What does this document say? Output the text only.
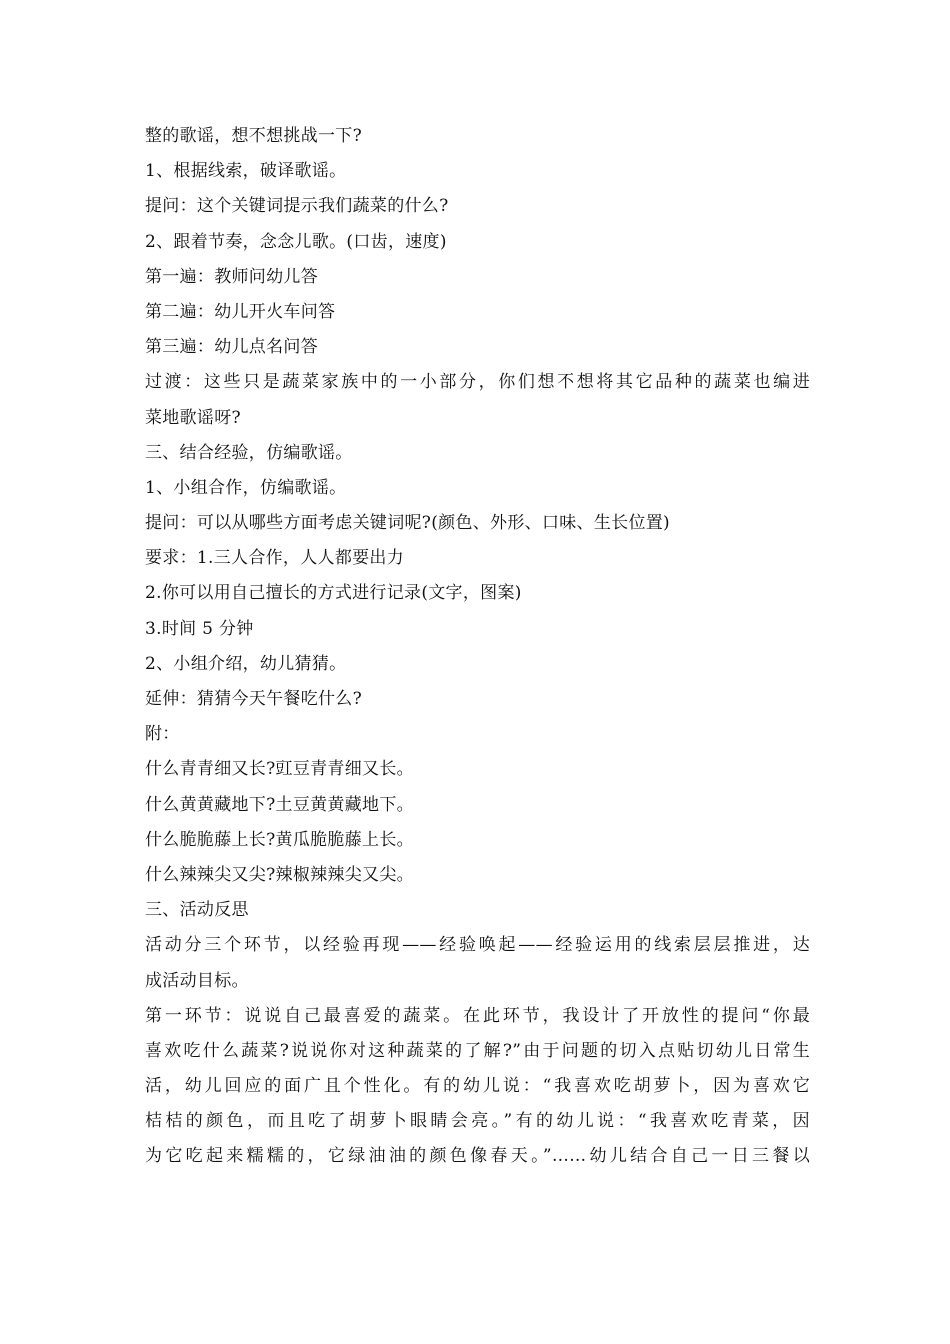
整的歌谣，想不想挑战一下?
1、根据线索，破译歌谣。
提问：这个关键词提示我们蔬菜的什么?
2、跟着节奏，念念儿歌。(口齿，速度)
第一遍：教师问幼儿答
第二遍：幼儿开火车问答
第三遍：幼儿点名问答
过渡：这些只是蔬菜家族中的一小部分，你们想不想将其它品种的蔬菜也编进
菜地歌谣呀?
三、结合经验，仿编歌谣。
1、小组合作，仿编歌谣。
提问：可以从哪些方面考虑关键词呢?(颜色、外形、口味、生长位置)
要求：1.三人合作，人人都要出力
2.你可以用自己擅长的方式进行记录(文字，图案)
3.时间 5 分钟
2、小组介绍，幼儿猜猜。
延伸：猜猜今天午餐吃什么?
附：
什么青青细又长?豇豆青青细又长。
什么黄黄藏地下?土豆黄黄藏地下。
什么脆脆藤上长?黄瓜脆脆藤上长。
什么辣辣尖又尖?辣椒辣辣尖又尖。
三、活动反思
活动分三个环节，以经验再现——经验唤起——经验运用的线索层层推进，达
成活动目标。
第一环节：说说自己最喜爱的蔬菜。在此环节，我设计了开放性的提问“你最
喜欢吃什么蔬菜?说说你对这种蔬菜的了解?”由于问题的切入点贴切幼儿日常生
活，幼儿回应的面广且个性化。有的幼儿说：“我喜欢吃胡萝卜，因为喜欢它
桔桔的颜色，而且吃了胡萝卜眼睛会亮。”有的幼儿说：“我喜欢吃青菜，因
为它吃起来糯糯的，它绿油油的颜色像春天。”……幼儿结合自己一日三餐以
